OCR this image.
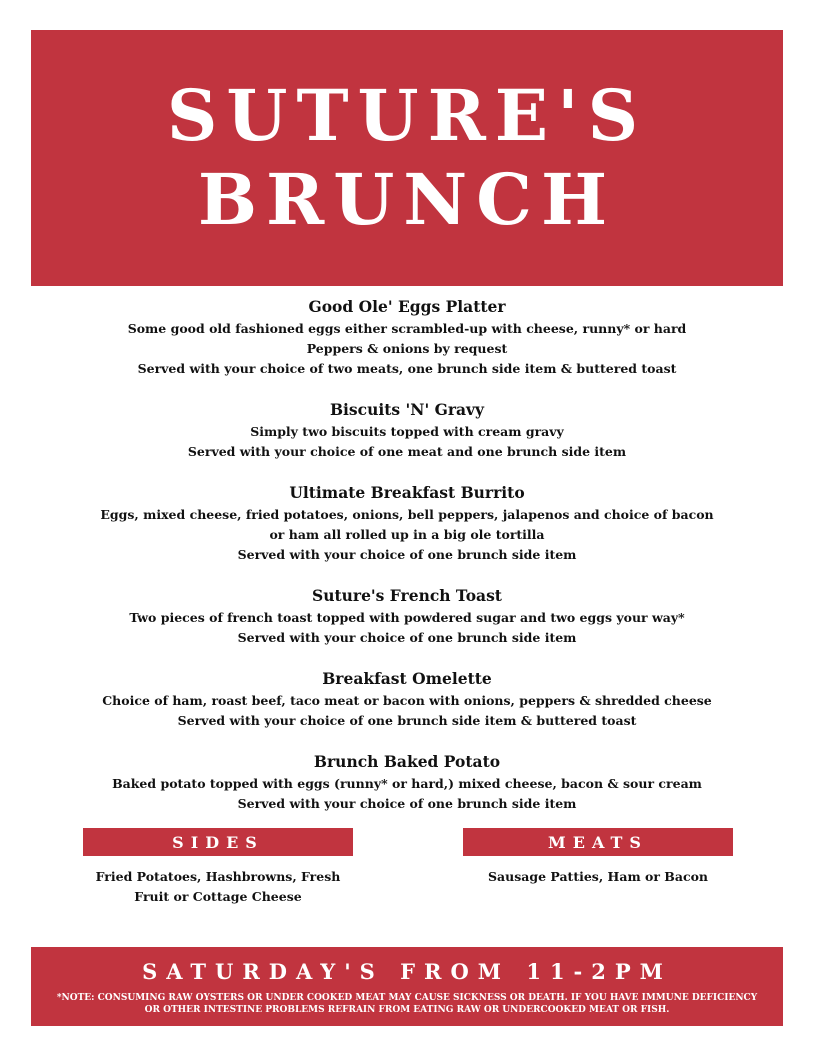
SUTURE'S
BRUNCH
Good Ole' Eggs Platter
Some good old fashioned eggs either scrambled-up with cheese, runny* or hard
Peppers & onions by request
Served with your choice of two meats, one brunch side item & buttered toast
Biscuits 'N' Gravy
Simply two biscuits topped with cream gravy
Served with your choice of one meat and one brunch side item
Ultimate Breakfast Burrito
Eggs, mixed cheese, fried potatoes, onions, bell peppers, jalapenos and choice of bacon
or ham all rolled up in a big ole tortilla
Served with your choice of one brunch side item
Suture's French Toast
Two pieces of french toast topped with powdered sugar and two eggs your way*
Served with your choice of one brunch side item
Breakfast Omelette
Choice of ham, roast beef, taco meat or bacon with onions, peppers & shredded cheese
Served with your choice of one brunch side item & buttered toast
Brunch Baked Potato
Baked potato topped with eggs (runny* or hard,) mixed cheese, bacon & sour cream
Served with your choice of one brunch side item
SIDES
Fried Potatoes, Hashbrowns, Fresh
Fruit or Cottage Cheese
MEATS
Sausage Patties, Ham or Bacon
SATURDAY'S FROM 11-2PM
*NOTE: CONSUMING RAW OYSTERS OR UNDER COOKED MEAT MAY CAUSE SICKNESS OR DEATH. IF YOU HAVE IMMUNE DEFICIENCY OR OTHER INTESTINE PROBLEMS REFRAIN FROM EATING RAW OR UNDERCOOKED MEAT OR FISH.
